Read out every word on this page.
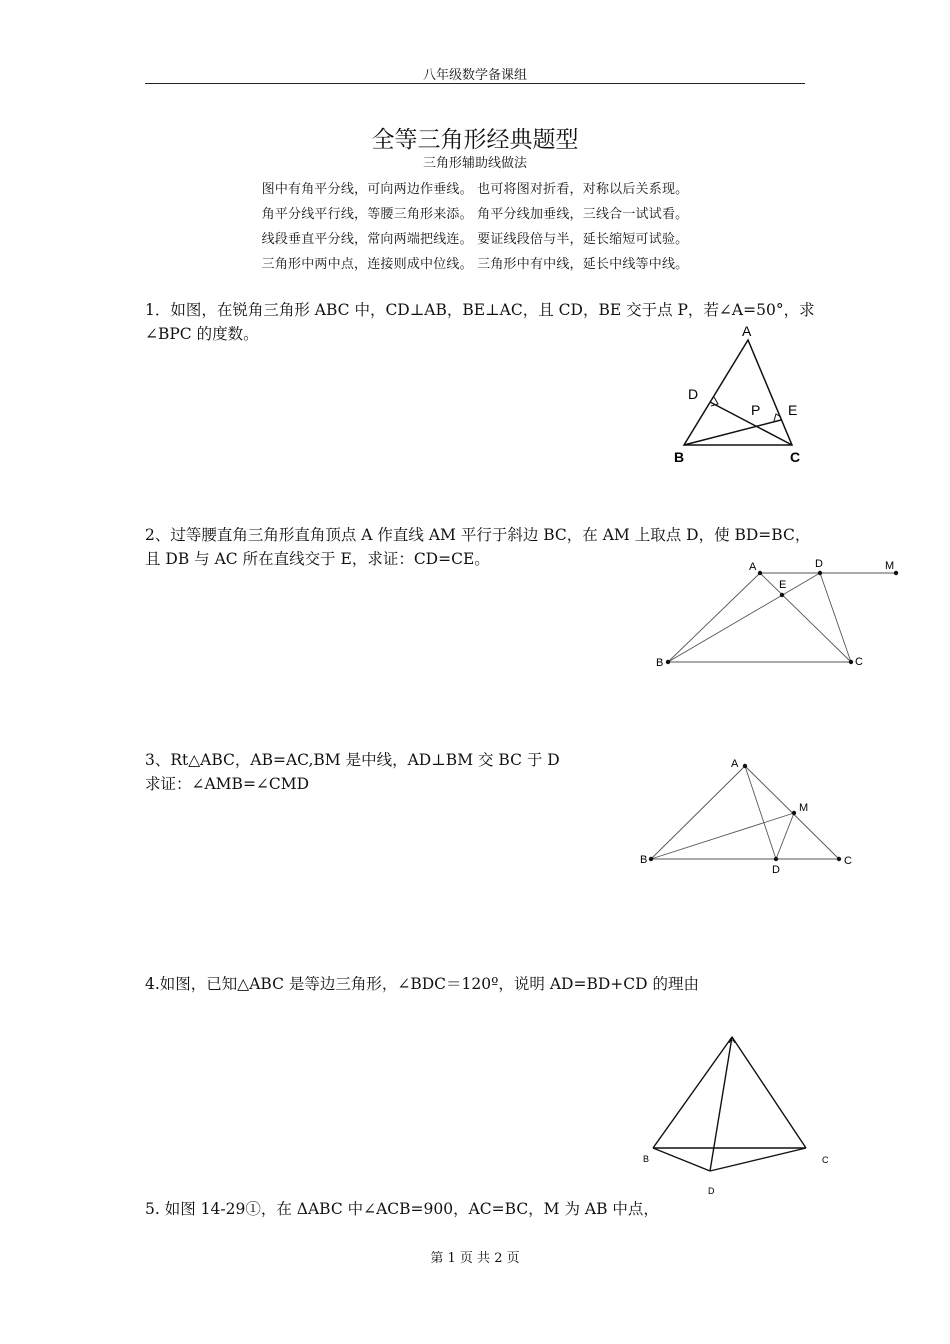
八年级数学备课组
全等三角形经典题型
三角形辅助线做法
图中有角平分线，可向两边作垂线。 也可将图对折看，对称以后关系现。
角平分线平行线，等腰三角形来添。 角平分线加垂线，三线合一试试看。
线段垂直平分线，常向两端把线连。 要证线段倍与半，延长缩短可试验。
三角形中两中点，连接则成中位线。 三角形中有中线，延长中线等中线。
1．如图，在锐角三角形 ABC 中，CD⊥AB，BE⊥AC，且 CD，BE 交于点 P，若∠A=50°，求
∠BPC 的度数。	A
D
P E
B	C
2、过等腰直角三角形直角顶点 A 作直线 AM 平行于斜边 BC，在 AM 上取点 D，使 BD=BC，
且 DB 与 AC 所在直线交于 E，求证：CD=CE。	A	D	M
E
B	C
3、Rt△ABC，AB=AC,BM 是中线，AD⊥BM 交 BC 于 D
求证：∠AMB=∠CMD
A
M
B
D
C
4.如图，已知△ABC 是等边三角形，∠BDC＝120º，说明 AD=BD+CD 的理由
A
B	C
D
5. 如图 14-29①，在 ΔABC 中∠ACB=900，AC=BC，M 为 AB 中点，
第 1 页 共 2 页
